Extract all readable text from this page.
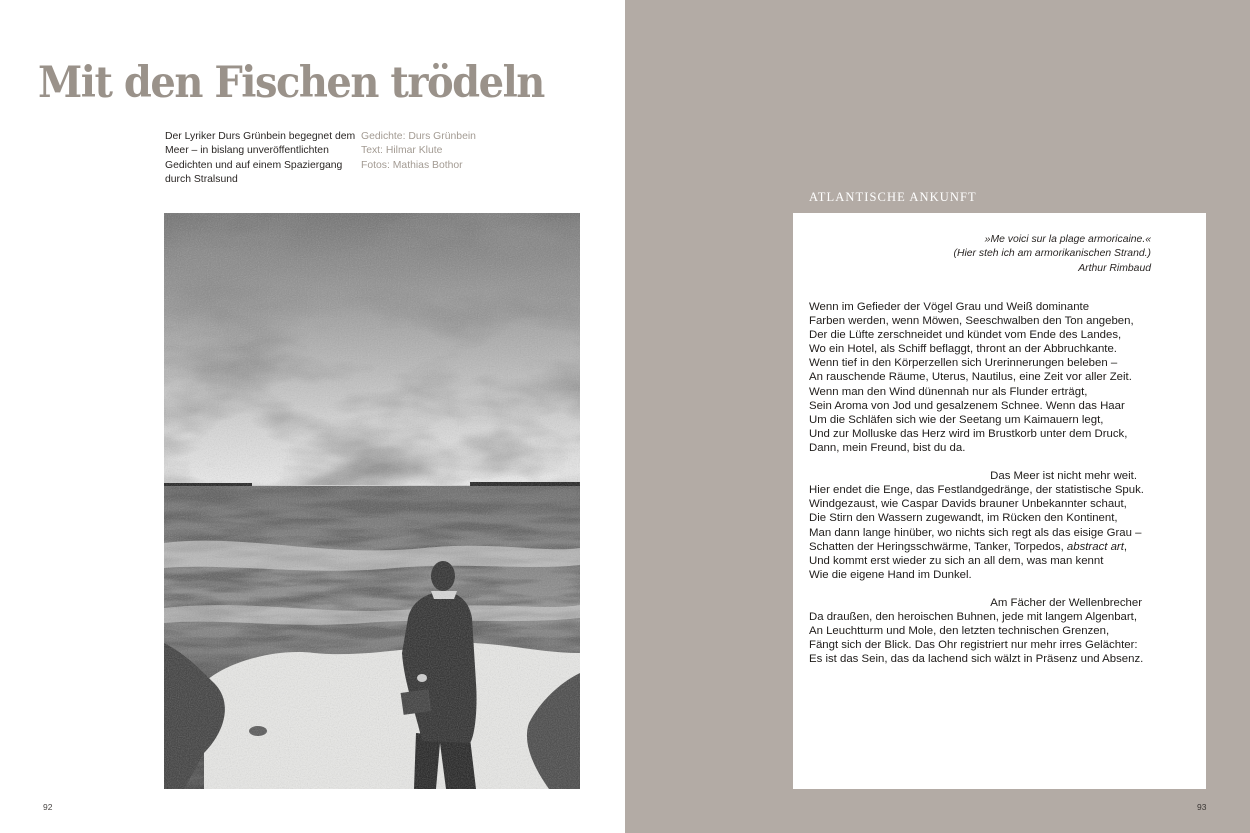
Mit den Fischen trödeln

Der Lyriker Durs Grünbein begegnet dem Meer – in bislang unveröffentlichten Gedichten und auf einem Spaziergang durch Stralsund

Gedichte: Durs Grünbein
Text: Hilmar Klute
Fotos: Mathias Bothor
92
ATLANTISCHE ANKUNFT
»Me voici sur la plage armoricaine.«
(Hier steh ich am armorikanischen Strand.)
Arthur Rimbaud
Wenn im Gefieder der Vögel Grau und Weiß dominante
Farben werden, wenn Möwen, Seeschwalben den Ton angeben,
Der die Lüfte zerschneidet und kündet vom Ende des Landes,
Wo ein Hotel, als Schiff beflaggt, thront an der Abbruchkante.
Wenn tief in den Körperzellen sich Urerinnerungen beleben –
An rauschende Räume, Uterus, Nautilus, eine Zeit vor aller Zeit.
Wenn man den Wind dünennah nur als Flunder erträgt,
Sein Aroma von Jod und gesalzenem Schnee. Wenn das Haar
Um die Schläfen sich wie der Seetang um Kaimauern legt,
Und zur Molluske das Herz wird im Brustkorb unter dem Druck,
Dann, mein Freund, bist du da.
Das Meer ist nicht mehr weit.
Hier endet die Enge, das Festlandgedränge, der statistische Spuk.
Windgezaust, wie Caspar Davids brauner Unbekannter schaut,
Die Stirn den Wassern zugewandt, im Rücken den Kontinent,
Man dann lange hinüber, wo nichts sich regt als das eisige Grau –
Schatten der Heringsschwärme, Tanker, Torpedos, abstract art,
Und kommt erst wieder zu sich an all dem, was man kennt
Wie die eigene Hand im Dunkel.
Am Fächer der Wellenbrecher
Da draußen, den heroischen Buhnen, jede mit langem Algenbart,
An Leuchtturm und Mole, den letzten technischen Grenzen,
Fängt sich der Blick. Das Ohr registriert nur mehr irres Gelächter:
Es ist das Sein, das da lachend sich wälzt in Präsenz und Absenz.
93
